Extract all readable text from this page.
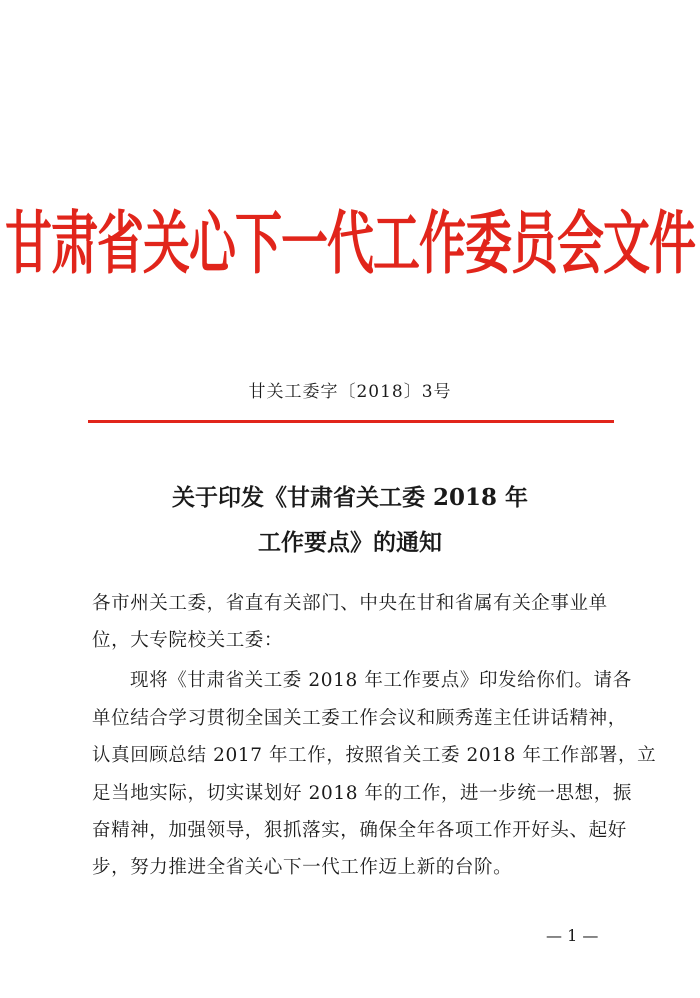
甘肃省关心下一代工作委员会文件
甘关工委字〔2018〕3号
关于印发《甘肃省关工委 2018 年
工作要点》的通知
各市州关工委，省直有关部门、中央在甘和省属有关企事业单
位，大专院校关工委：
现将《甘肃省关工委 2018 年工作要点》印发给你们。请各
单位结合学习贯彻全国关工委工作会议和顾秀莲主任讲话精神，
认真回顾总结 2017 年工作，按照省关工委 2018 年工作部署，立
足当地实际，切实谋划好 2018 年的工作，进一步统一思想，振
奋精神，加强领导，狠抓落实，确保全年各项工作开好头、起好
步，努力推进全省关心下一代工作迈上新的台阶。
— 1 —
